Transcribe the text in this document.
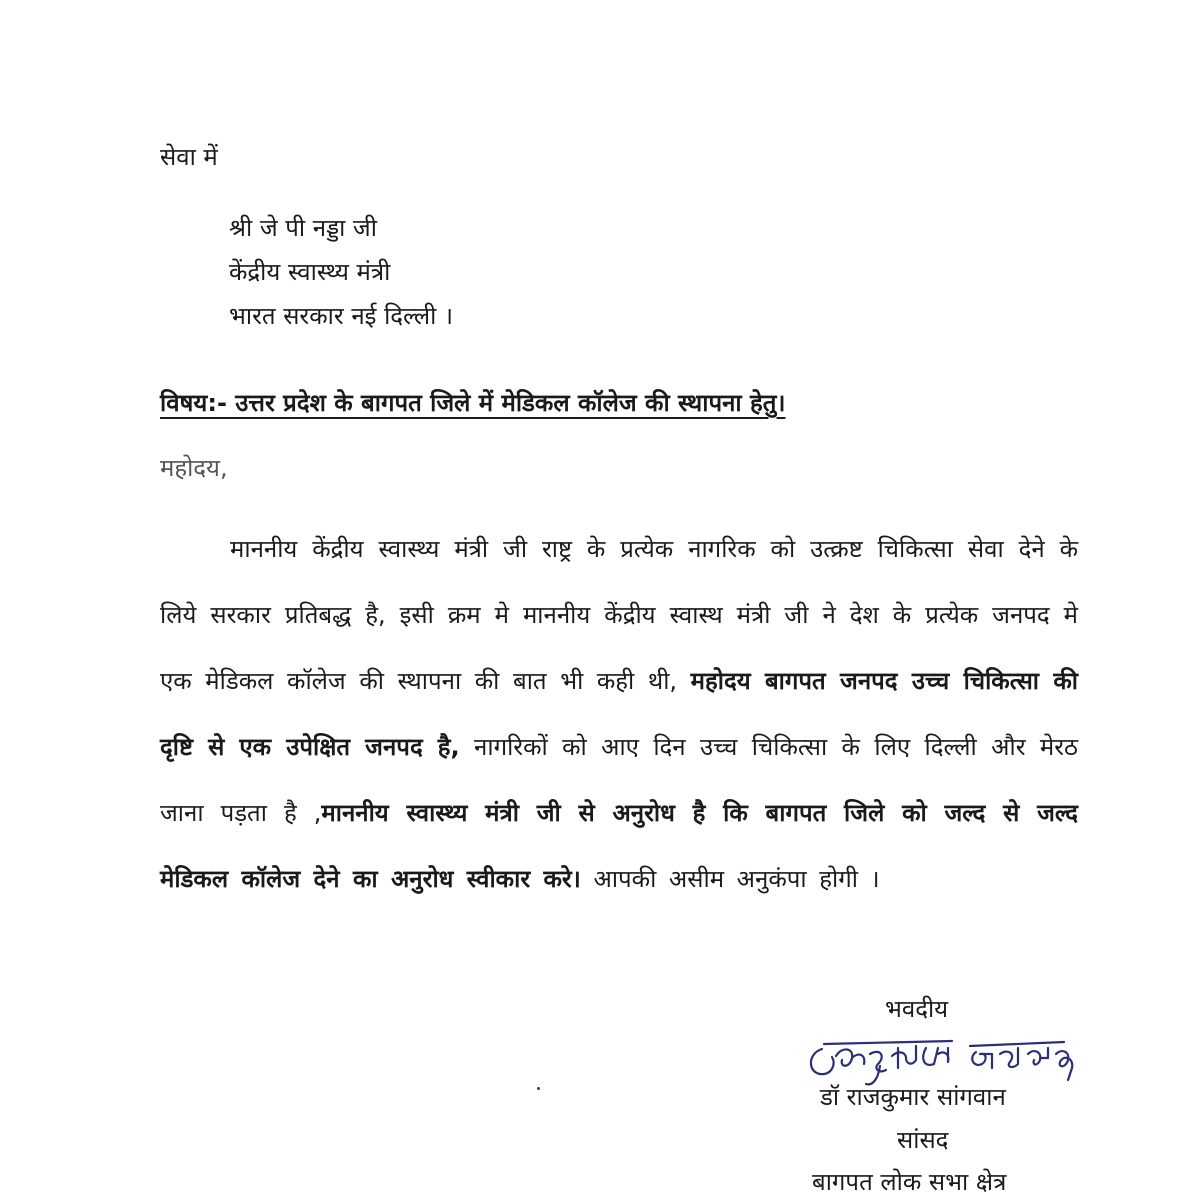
सेवा में
श्री जे पी नड्डा जी
केंद्रीय स्वास्थ्य मंत्री
भारत सरकार नई दिल्ली ।
विषय:- उत्तर प्रदेश के बागपत जिले में मेडिकल कॉलेज की स्थापना हेतु।
महोदय,
माननीय केंद्रीय स्वास्थ्य मंत्री जी राष्ट्र के प्रत्येक नागरिक को उत्क्रष्ट चिकित्सा सेवा देने के लिये सरकार प्रतिबद्ध है, इसी क्रम मे माननीय केंद्रीय स्वास्थ मंत्री जी ने देश के प्रत्येक जनपद मे एक मेडिकल कॉलेज की स्थापना की बात भी कही थी, महोदय बागपत जनपद उच्च चिकित्सा की दृष्टि से एक उपेक्षित जनपद है, नागरिकों को आए दिन उच्च चिकित्सा के लिए दिल्ली और मेरठ जाना पड़ता है ,माननीय स्वास्थ्य मंत्री जी से अनुरोध है कि बागपत जिले को जल्द से जल्द मेडिकल कॉलेज देने का अनुरोध स्वीकार करे। आपकी असीम अनुकंपा होगी ।
भवदीय
डॉ राजकुमार सांगवान
सांसद
बागपत लोक सभा क्षेत्र
